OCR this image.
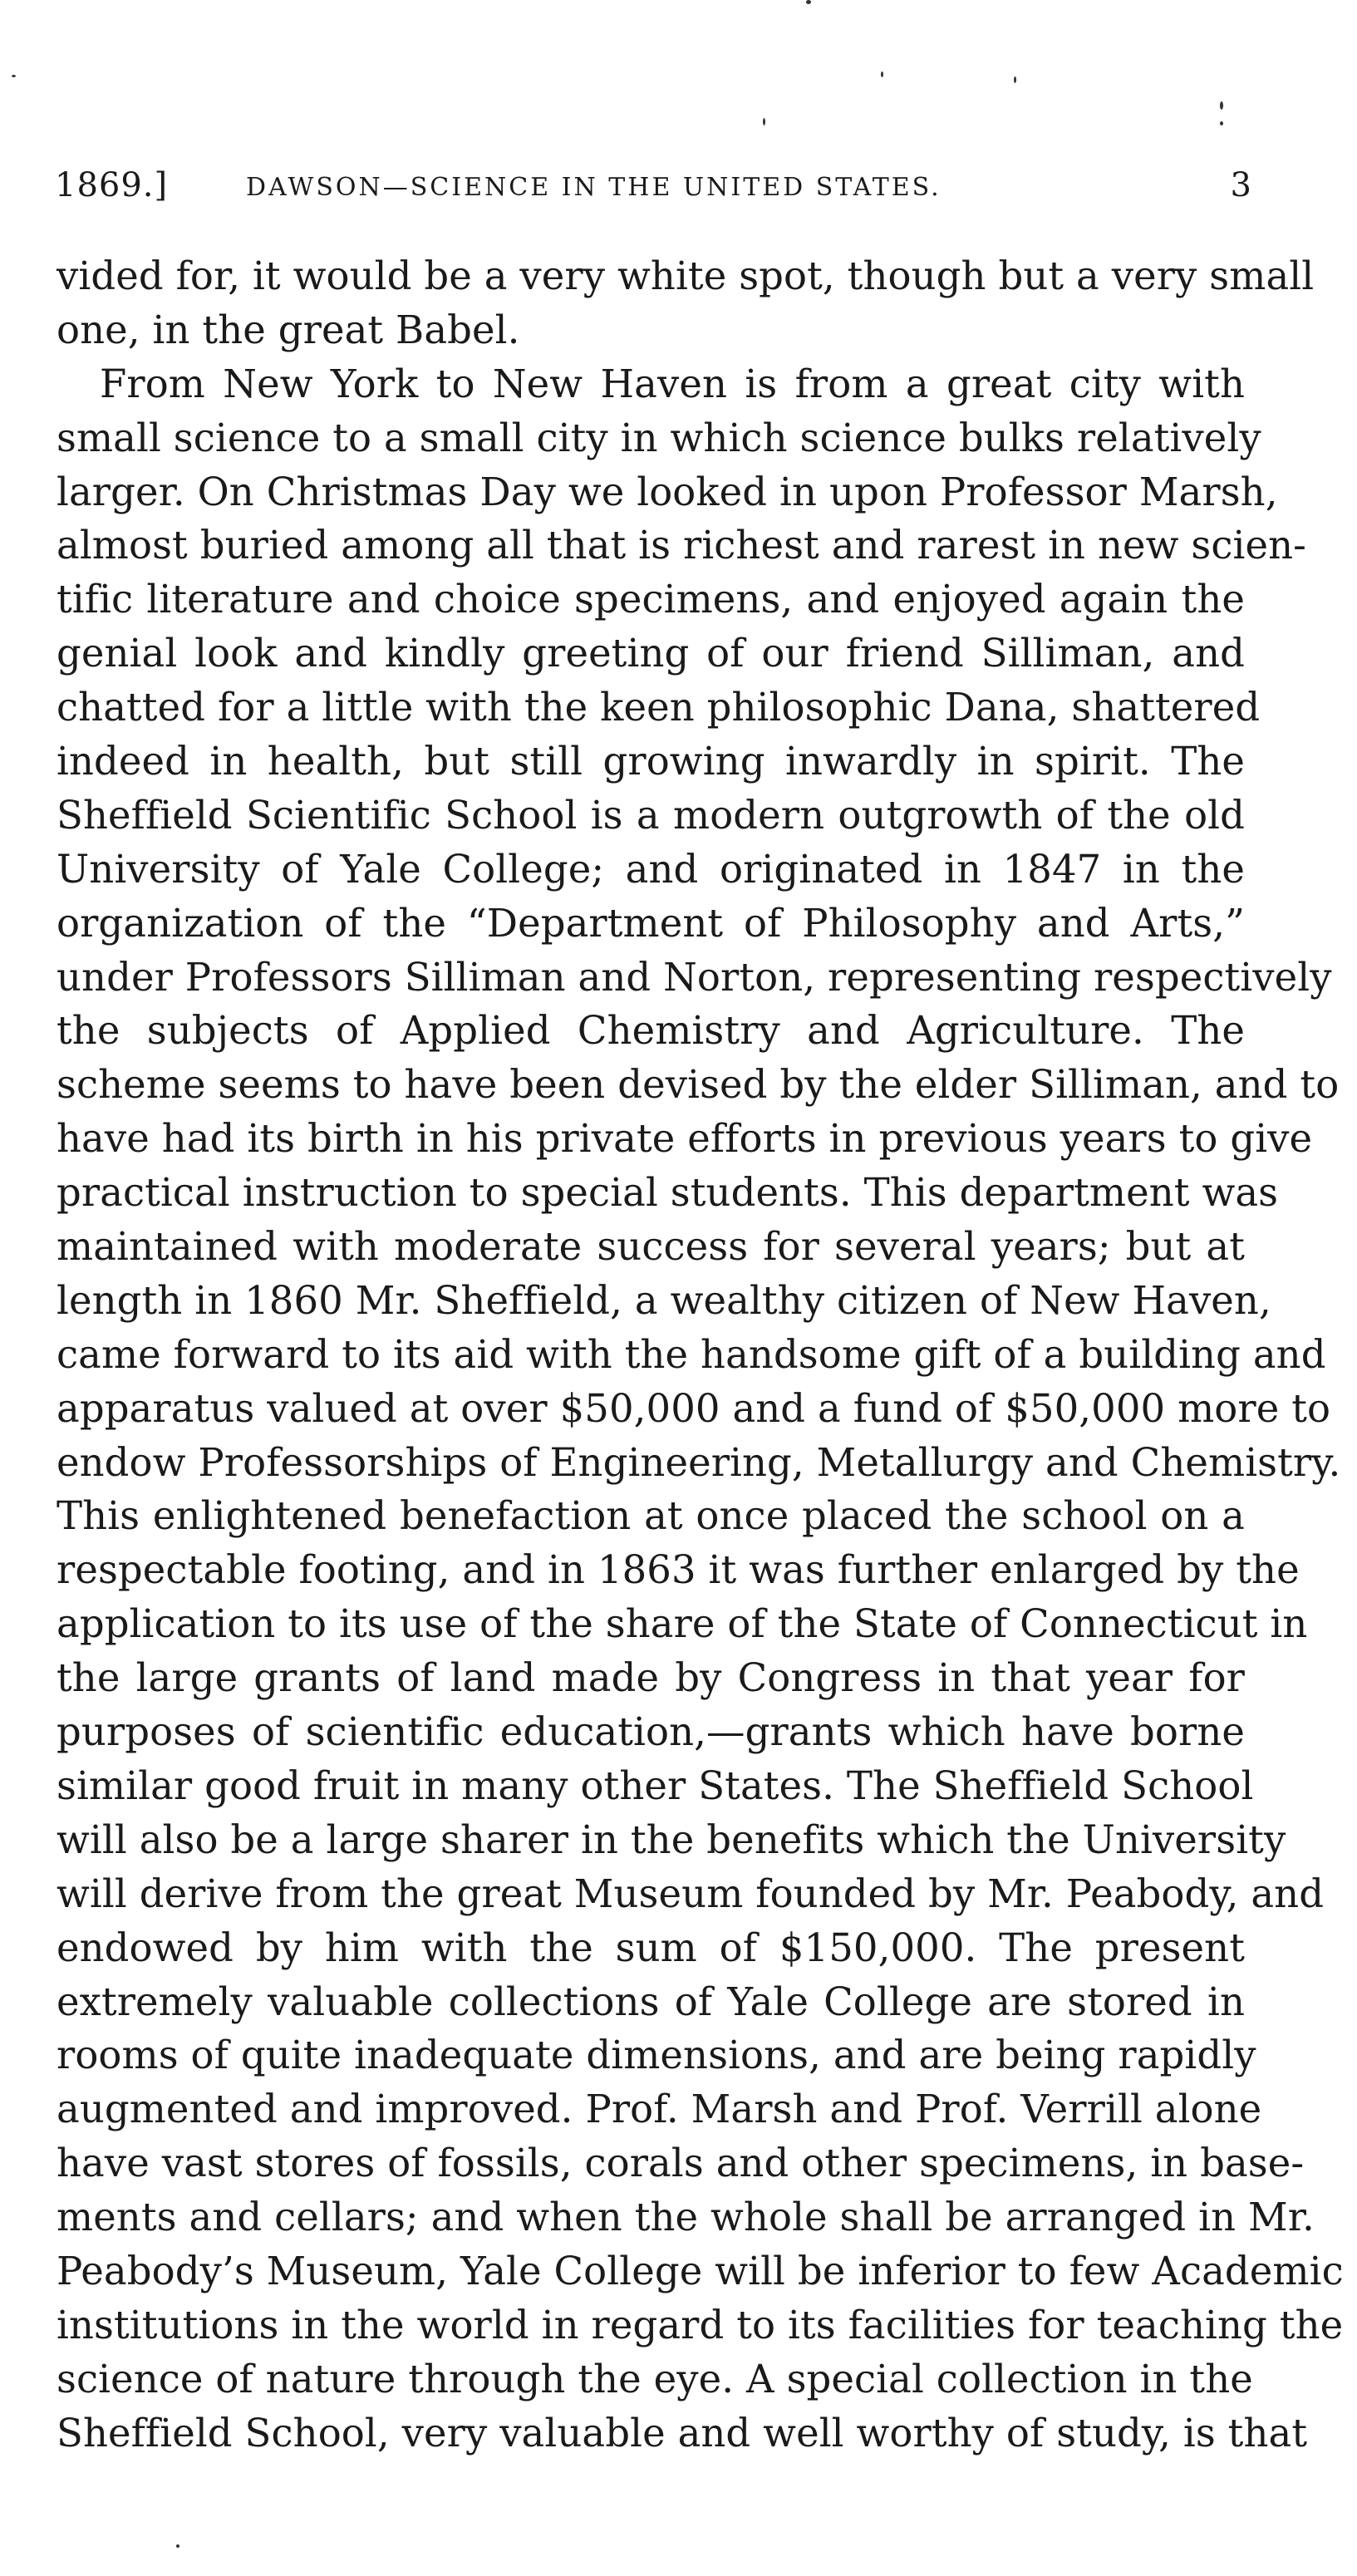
1869.]	DAWSON—SCIENCE IN THE UNITED STATES.	3
vided for, it would be a very white spot, though but a very small
one, in the great Babel.
From New York to New Haven is from a great city with
small science to a small city in which science bulks relatively
larger. On Christmas Day we looked in upon Professor Marsh,
almost buried among all that is richest and rarest in new scien-
tific literature and choice specimens, and enjoyed again the
genial look and kindly greeting of our friend Silliman, and
chatted for a little with the keen philosophic Dana, shattered
indeed in health, but still growing inwardly in spirit. The
Sheffield Scientific School is a modern outgrowth of the old
University of Yale College; and originated in 1847 in the
organization of the “Department of Philosophy and Arts,”
under Professors Silliman and Norton, representing respectively
the subjects of Applied Chemistry and Agriculture. The
scheme seems to have been devised by the elder Silliman, and to
have had its birth in his private efforts in previous years to give
practical instruction to special students. This department was
maintained with moderate success for several years; but at
length in 1860 Mr. Sheffield, a wealthy citizen of New Haven,
came forward to its aid with the handsome gift of a building and
apparatus valued at over $50,000 and a fund of $50,000 more to
endow Professorships of Engineering, Metallurgy and Chemistry.
This enlightened benefaction at once placed the school on a
respectable footing, and in 1863 it was further enlarged by the
application to its use of the share of the State of Connecticut in
the large grants of land made by Congress in that year for
purposes of scientific education,—grants which have borne
similar good fruit in many other States. The Sheffield School
will also be a large sharer in the benefits which the University
will derive from the great Museum founded by Mr. Peabody, and
endowed by him with the sum of $150,000. The present
extremely valuable collections of Yale College are stored in
rooms of quite inadequate dimensions, and are being rapidly
augmented and improved. Prof. Marsh and Prof. Verrill alone
have vast stores of fossils, corals and other specimens, in base-
ments and cellars; and when the whole shall be arranged in Mr.
Peabody’s Museum, Yale College will be inferior to few Academic
institutions in the world in regard to its facilities for teaching the
science of nature through the eye. A special collection in the
Sheffield School, very valuable and well worthy of study, is that
